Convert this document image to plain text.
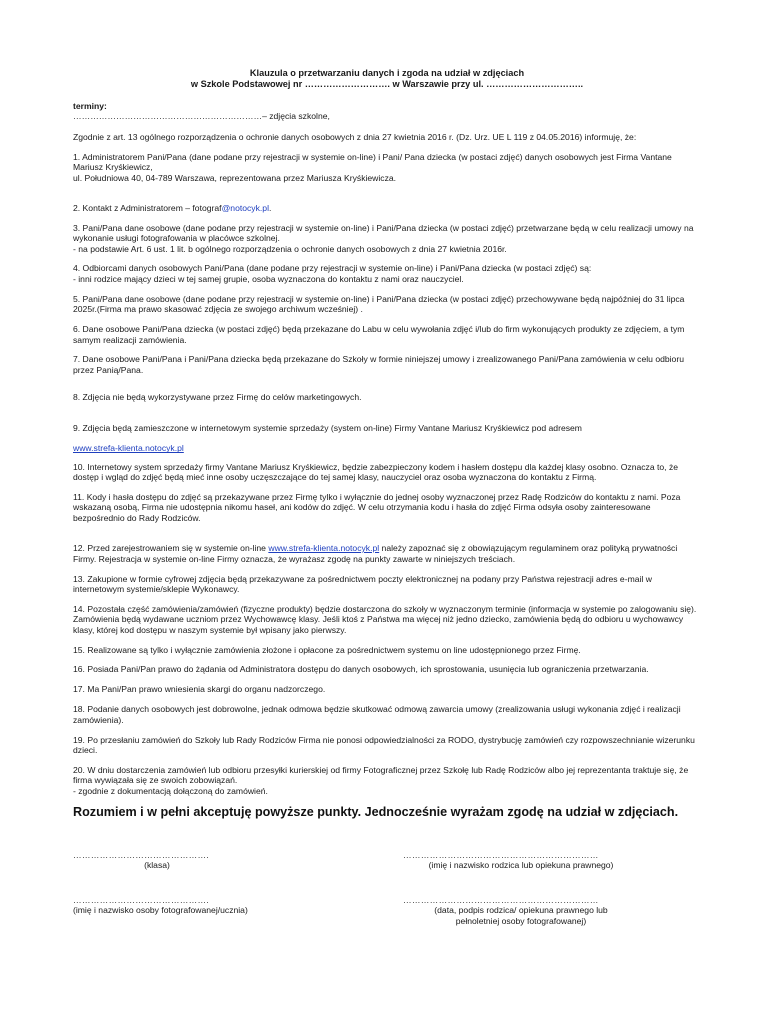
Klauzula o przetwarzaniu danych i zgoda na udział w zdjęciach
w Szkole Podstawowej nr ………………………. w Warszawie przy ul. …………………………..
terminy:
…………………………………………………………– zdjęcia szkolne,
Zgodnie z art. 13 ogólnego rozporządzenia o ochronie danych osobowych z dnia 27 kwietnia 2016 r. (Dz. Urz. UE L 119 z 04.05.2016) informuję, że:
1. Administratorem Pani/Pana (dane podane przy rejestracji w systemie on-line) i Pani/ Pana dziecka (w postaci zdjęć) danych osobowych jest Firma Vantane Mariusz Kryśkiewicz,
ul. Południowa 40, 04-789 Warszawa, reprezentowana przez Mariusza Kryśkiewicza.

2. Kontakt z Administratorem – fotograf@notocyk.pl.

3. Pani/Pana dane osobowe (dane podane przy rejestracji w systemie on-line) i Pani/Pana dziecka (w postaci zdjęć) przetwarzane będą w celu realizacji umowy na wykonanie usługi fotografowania w placówce szkolnej.
- na podstawie Art. 6 ust. 1 lit. b ogólnego rozporządzenia o ochronie danych osobowych z dnia 27 kwietnia 2016r.
4. Odbiorcami danych osobowych Pani/Pana (dane podane przy rejestracji w systemie on-line) i Pani/Pana dziecka (w postaci zdjęć) są:
- inni rodzice mający dzieci w tej samej grupie, osoba wyznaczona do kontaktu z nami oraz nauczyciel.
5. Pani/Pana dane osobowe (dane podane przy rejestracji w systemie on-line) i Pani/Pana dziecka (w postaci zdjęć) przechowywane będą najpóźniej do 31 lipca 2025r.(Firma ma prawo skasować zdjęcia ze swojego archiwum wcześniej) .
6. Dane osobowe Pani/Pana dziecka (w postaci zdjęć) będą przekazane do Labu w celu wywołania zdjęć i/lub do firm wykonujących produkty ze zdjęciem, a tym samym realizacji zamówienia.
7. Dane osobowe Pani/Pana i Pani/Pana dziecka będą przekazane do Szkoły w formie niniejszej umowy i zrealizowanego Pani/Pana zamówienia w celu odbioru przez Panią/Pana.
8. Zdjęcia nie będą wykorzystywane przez Firmę do celów marketingowych.

9. Zdjęcia będą zamieszczone w internetowym systemie sprzedaży (system on-line) Firmy Vantane Mariusz Kryśkiewicz pod adresem

www.strefa-klienta.notocyk.pl

10. Internetowy system sprzedaży firmy Vantane Mariusz Kryśkiewicz, będzie zabezpieczony kodem i hasłem dostępu dla każdej klasy osobno. Oznacza to, że dostęp i wgląd do zdjęć będą mieć inne osoby uczęszczające do tej samej klasy, nauczyciel oraz osoba wyznaczona do kontaktu z Firmą.
11. Kody i hasła dostępu do zdjęć są przekazywane przez Firmę tylko i wyłącznie do jednej osoby wyznaczonej przez Radę Rodziców do kontaktu z nami. Poza wskazaną osobą, Firma nie udostępnia nikomu haseł, ani kodów do zdjęć. W celu otrzymania kodu i hasła do zdjęć Firma odsyła osoby zainteresowane bezpośrednio do Rady Rodziców.

12. Przed zarejestrowaniem się w systemie on-line www.strefa-klienta.notocyk.pl należy zapoznać się z obowiązującym regulaminem oraz polityką prywatności Firmy. Rejestracja w systemie on-line Firmy oznacza, że wyrażasz zgodę na punkty zawarte w niniejszych treściach.

13. Zakupione w formie cyfrowej zdjęcia będą przekazywane za pośrednictwem poczty elektronicznej na podany przy Państwa rejestracji adres e-mail w internetowym systemie/sklepie Wykonawcy.
14. Pozostała część zamówienia/zamówień (fizyczne produkty) będzie dostarczona do szkoły w wyznaczonym terminie (informacja w systemie po zalogowaniu się). Zamówienia będą wydawane uczniom przez Wychowawcę klasy. Jeśli ktoś z Państwa ma więcej niż jedno dziecko, zamówienia będą do odbioru u wychowawcy klasy, której kod dostępu w naszym systemie był wpisany jako pierwszy.
15. Realizowane są tylko i wyłącznie zamówienia złożone i opłacone za pośrednictwem systemu on line udostępnionego przez Firmę.
16. Posiada Pani/Pan prawo do żądania od Administratora dostępu do danych osobowych, ich sprostowania, usunięcia lub ograniczenia przetwarzania.
17. Ma Pani/Pan prawo wniesienia skargi do organu nadzorczego.
18. Podanie danych osobowych jest dobrowolne, jednak odmowa będzie skutkować odmową zawarcia umowy (zrealizowania usługi wykonania zdjęć i realizacji zamówienia).
19. Po przesłaniu zamówień do Szkoły lub Rady Rodziców Firma nie ponosi odpowiedzialności za RODO, dystrybucję zamówień czy rozpowszechnianie wizerunku dzieci.
20. W dniu dostarczenia zamówień lub odbioru przesyłki kurierskiej od firmy Fotograficznej przez Szkołę lub Radę Rodziców albo jej reprezentanta traktuje się, że firma wywiązała się ze swoich zobowiązań.
- zgodnie z dokumentacją dołączoną do zamówień.
Rozumiem i w pełni akceptuję powyższe punkty. Jednocześnie wyrażam zgodę na udział w zdjęciach.
……………………………………….
(klasa)
…………………………………………………………
(imię i nazwisko rodzica lub opiekuna prawnego)
……………………………………….
(imię i nazwisko osoby fotografowanej/ucznia)
…………………………………………………………
(data, podpis rodzica/ opiekuna prawnego lub
pełnoletniej osoby fotografowanej)
